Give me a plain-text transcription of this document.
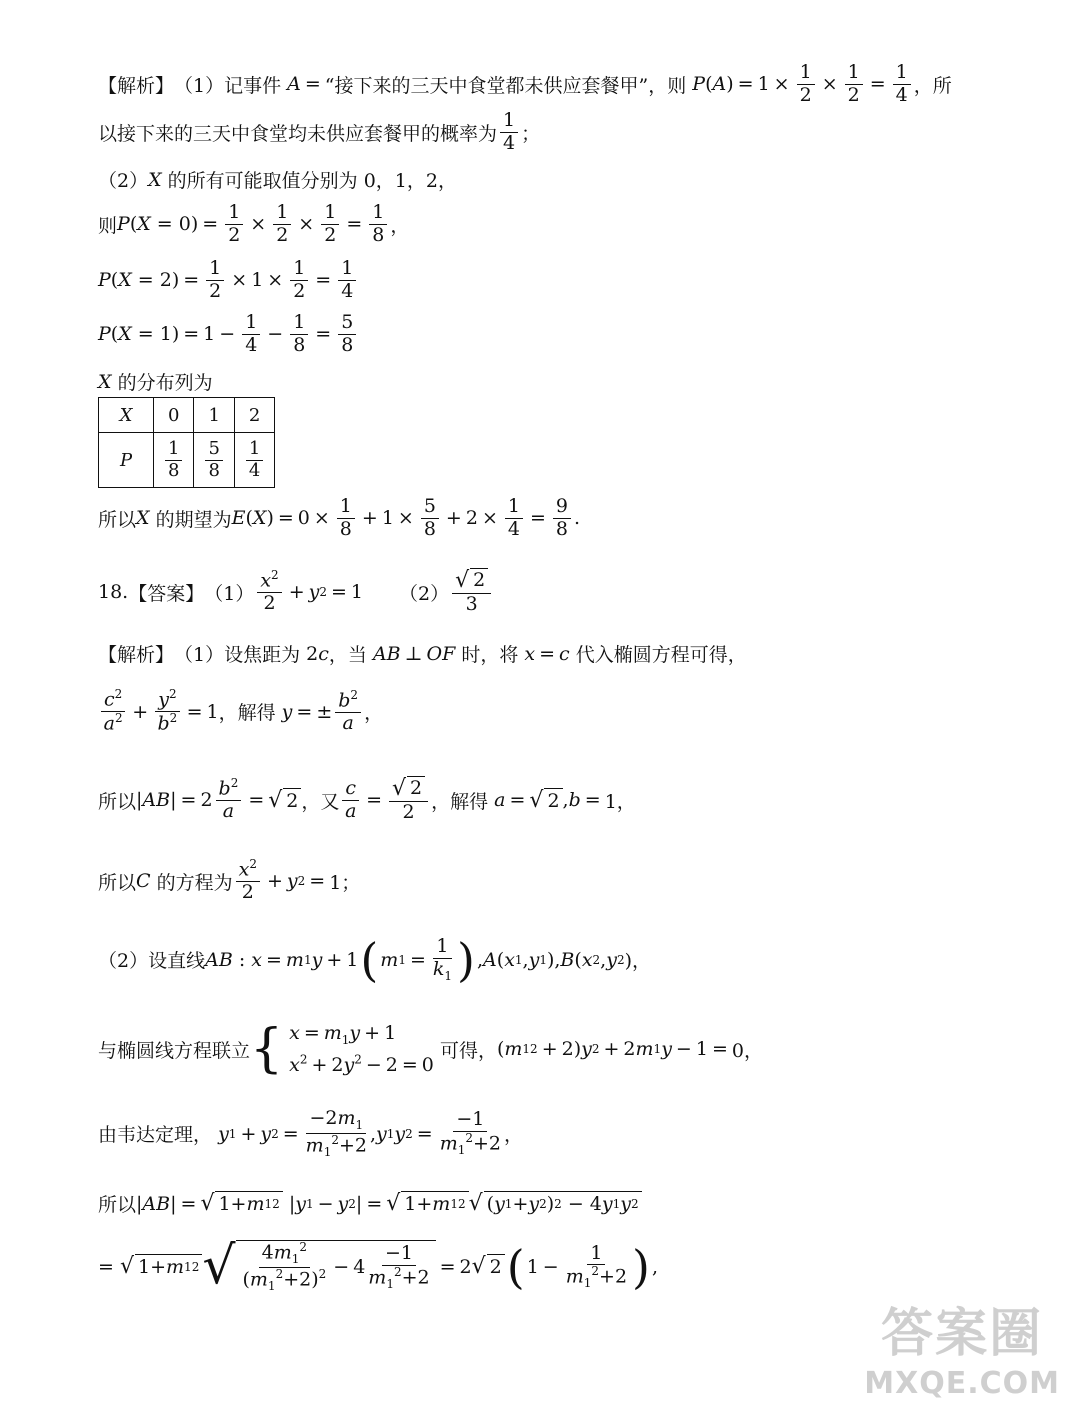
【解析】 （1）记事件 A = “接下来的三天中食堂都未供应套餐甲” ，则 P ( A ) = $1 \times \frac{1}{2} \times \frac{1}{2} = \frac{1}{4}$ ， 所
以接下来的三天中食堂均未供应套餐甲的概率为 $\frac{1}{4}$ ；
（2） X 的所有可能取值分别为 0，1，2，
则 P ( $X = 0) = \frac{1}{2} \times \frac{1}{2} \times \frac{1}{2} = \frac{1}{8}$ ，
P ( $X = 2) = \frac{1}{2} \times 1 \times \frac{1}{2} = \frac{1}{4}$
P ( $X = 1) = 1 - \frac{1}{4} - \frac{1}{8} = \frac{5}{8}$
X 的分布列为
X	0	1	2
P	$\frac{1}{8}$	$\frac{5}{8}$	$\frac{1}{4}$
所以 X 的期望为 E ( X ) = $0 \times \frac{1}{8} + 1 \times \frac{5}{8} + 2 \times \frac{1}{4} = \frac{9}{8}$ .
18. 【答案】 $(1) \frac{x^2}{2} + y$ 2 = 1 $(2) \frac{√ 2}{3}$
【解析】 （1）设焦距为 2 c ，当 AB ⊥ OF 时，将 x = c 代入椭圆方程可得，
$\frac{c^2}{a^2} + \frac{y^2}{b^2} = 1$ ，解得 y = ± $\frac{b^2}{a}$ ，
所以 | AB | = $2 \frac{b^2}{a}$ = √ 2 ，又 $\frac{c}{a} = \frac{√ 2}{2}$ ，解得 a = √ 2 , b = 1，
所以 C 的方程为 $\frac{x^2}{2} + y$ 2 = 1；
（2）设直线 AB : x = m 1 y + 1 ( m $1 = \frac{1}{k_1}$ ) , A ( x 1 , y 1 ), B ( x 2 , y 2 )，
与椭圆线方程联立 { $x = m_1y + 1$
$x^2 + 2y^2 - 2 = 0$

可得， ( m 1 2 + 2) y 2 + 2 m 1 y − 1 = 0，
由韦达定理，
y 1 + y $2 = \frac{-2m_1}{m_1^2+2}$ , y 1 y $2 = \frac{-1}{m_1^2+2}$ ，
所以 | AB | = √ 1+ m 1 2 | y 1 − y 2 | = √ 1+ m 1 2 √ ( y 1 + y 2 ) 2 − 4 y 1 y 2
= √ 1+ m 1 2 √ $\frac{4m_1^2}{(m_1^2+2)^2} - 4 \frac{-1}{m_1^2+2} = 2$ √ 2 ( $1 - \frac{1}{m_1^2+2}$ ) ,
答案圈
MXQE.COM
